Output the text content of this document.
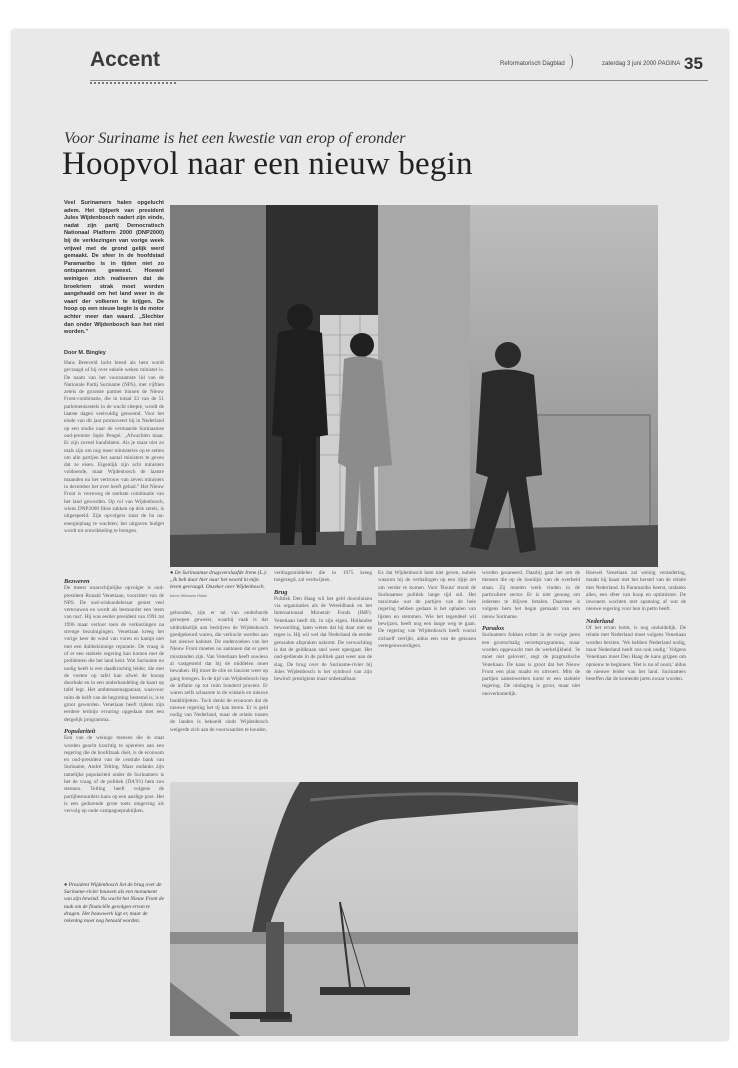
Accent	Reformatorisch Dagblad	zaterdag 3 juni 2000 PAGINA 35
Voor Suriname is het een kwestie van erop of eronder
Hoopvol naar een nieuw begin
Veel Surinamers halen opgelucht adem. Het tijdperk van president Jules Wijdenbosch nadert zijn einde, nadat zijn partij Democratisch Nationaal Platform 2000 (DNP2000) bij de verkiezingen van vorige week vrijwel met de grond gelijk werd gemaakt. De sfeer in de hoofdstad Paramaribo is in tijden niet zo ontspannen geweest. Hoewel weinigen zich realiseren dat de broekriem strak moet worden aangehaald om het land weer in de vaart der volkeren te krijgen. De hoop op een nieuw begin is de motor achter meer dan waard. „Slechter dan onder Wijdenbosch kan het niet worden.”
Door M. Bingley
Hans Breeveld lacht breed als hem wordt gevraagd of hij over enkele weken minister is. De naam van het voorzaamste lid van de Nationale Partij Suriname (NPS), met vijftien zetels de grootste partner binnen de Nieuw Front-combinatie, die in totaal 33 van de 51 parlementszetels in de wacht sleepte, wordt de laatste dagen veelvuldig genoemd. Voor het einde van dit jaar promoveert hij in Nederland op een studie naar de vermaarde Surinaamse oud-premier Jopie Pengel. „Afwachten maar. Er zijn zoveel kandidaten. Als je maar niet zo mals zijn om nog meer ministeries op te zetten om alle partijen het aantal ministers te geven dat ze eisen. Eigenlijk zijn acht ministers voldoende, maar Wijdenbosch de laatste maanden nu het vertrouw van zeven ministers in december het over heeft gehad.” Het Nieuw Front is verreweg de sterkste combinatie van het land geworden. Op rol van Wijdenbosch, wiens DNP2000 fikse zakken op drie zetels, is uitgespeeld. Zijn opvolgers staat de ba na-energieplaag te wachten; het uitgaven budget wordt tot ontwikkeling te brengen.
Bezweren
De meest waarschijnlijke opvolger is oud-president Ronald Venetiaan, voorzitter van de NPS. De oud-wiskundeleraar geniet veel vertrouwen en wordt als bestuurder een 'stem van rust'. Hij was eerder president van 1991 tot 1996 maar verloor toen de verkiezingen na strenge bezuinigingen. Venetiaan kreeg het vorige keer de wind van voren en kampt niet met een dubbelzinnige reputatie. De vraag is of er een stabiele regering kan komen met de problemen die het land kent. Wat Suriname nu nodig heeft is een daadkrachtig leider, die met de voeten op tafel kan ofwel de knoop doorhakt en in een onderhandeling de kaart op tafel legt. Het ambtenarenapparaat, waarvoor ruim de helft van de begroting bestemd is, is te groot geworden. Venetiaan heeft tijdens zijn eerdere termijn ervaring opgedaan met een dergelijk programma.
Populariteit
Een van de weinige mensen die in staat worden geacht krachtig te opereren aan een regering die de hoofdzaak doet, is de econoom en oud-president van de centrale bank van Suriname, André Telting. Maar ondanks zijn tamelijke populariteit onder de Surinamers is het de vraag of de politiek (DA'91) hem zou steunen. Telting heeft volgens de partijbestuurders kans op een aardige post. Het is een gedurende grote toets omgeving als vervolg op oude campagnepraktijken.
● De Surinaamse drugsverslaafde Irene (L.): „Ik heb daar hier naar het woord in mijn leven gevraagd. Onzeker over Wijdenbosch. foto's Hillmann Rdeb
gehouden, zijn er tal van onderbarde geroepen geweest, waarbij vaak is dat uitdrukkelijk aan bedrijven de Wijdenbosch goedgekeurd waren, die verkocht werden aan het nieuwe kabinet. De onderzoeken van het Nieuw Front moeten nu aantonen dat er geen misstanden zijn. Van Venetiaan heeft sowieso al vastgesteld dat hij de middelen moet bewaken. Hij moet de olie en bauxiet weer op gang brengen. In de tijd van Wijdenbosch liep de inflatie op tot ruim honderd procent. Er waren zelfs schaarste in de winkels en nieuwe bankbiljetten. Toch denkt de econoom dat de nieuwe regering het tij kan keren. Er is geld nodig van Nederland, maar de relatie tussen de landen is bekoeld sinds Wijdenbosch weigerde zich aan de voorwaarden te houden.
verdragsmiddelen die in 1975 kreeg toegezegd, zal verdwijnen.
Brug
Politiek Den Haag wil het geld doorsluizen via organisaties als de Wereldbank en het Internationaal Monetair Fonds (IMF). Venetiaan heeft dit, in zijn eigen, Hollandse bewoording, laten weten dat hij daar niet op tegen is. Hij wil wel dat Nederland de eerder gemaakte afspraken nakomt. De verwachting is dat de geldkraan snel weer opengaat. Het oud-gediende in de politiek gaat weer aan de slag. De brug over de Suriname-rivier bij Jules Wijdenbosch is het symbool van zijn bewind: prestigieus maar onbetaalbaar.
Ex dat Wijdenbosch hem niet geven, nobele waarom hij de verhalingen op een rijtje zet om verder te komen. Voor 'Bouta' stond de Surinaamse politiek lange tijd stil. Het maximale wat de partijen van de hele regering hebben gedaan is het ophalen van lijsten en stemmen. Wie het tegendeel wil bewijzen, heeft nog een lange weg te gaan. De regering van Wijdenbosch heeft vooral zichzelf verrijkt, aldus een van de gekozen vertegenwoordigers.
worden gesaneerd. Daarbij gaat het om de mensen die op de loonlijst van de overheid staan. Zij moeten werk vinden in de particuliere sector. Er is niet genoeg om iedereen te blijven betalen. Daarmee is volgens hem het begin gemaakt van een nieuw Suriname.
Paradox
Surinamers fokken echter in de vorige jaren een grootschalig verzetsprogramma, maar worden opgewacht met de werkelijkheid. 'Je moet niet geloven', zegt de pragmatische Venetiaan. De kans is groot dat het Nieuw Front een plan maakt en uitvoert. Mits de partijen samenwerken komt er een stabiele regering. De uitdaging is groot, maar niet onoverkomelijk.
Hoewel Venetiaan zal weinig verandering, maakt hij haast met het herstel van de relatie met Nederland. In Paramaribo heerst, ondanks alles, een sfeer van hoop en optimisme. De inwoners wachten met spanning af wat de nieuwe regering voor hen in petto heeft.
Nederland
Of het ervan komt, is nog onduidelijk. De relatie met Nederland moet volgens Venetiaan worden herzien. 'We hebben Nederland nodig, maar Nederland heeft ons ook nodig.' Volgens Venetiaan moet Den Haag de kans grijpen om opnieuw te beginnen. 'Het is nu of nooit,' aldus de nieuwe leider van het land. Surinamers beseffen dat de komende jaren zwaar worden.
● President Wijdenbosch liet de brug over de Suriname-rivier bouwen als een monument van zijn bewind. Nu wacht het Nieuw Front de taak om de financiële gevolgen ervan te dragen. Het bouwwerk ligt er, maar de rekening moet nog betaald worden.
